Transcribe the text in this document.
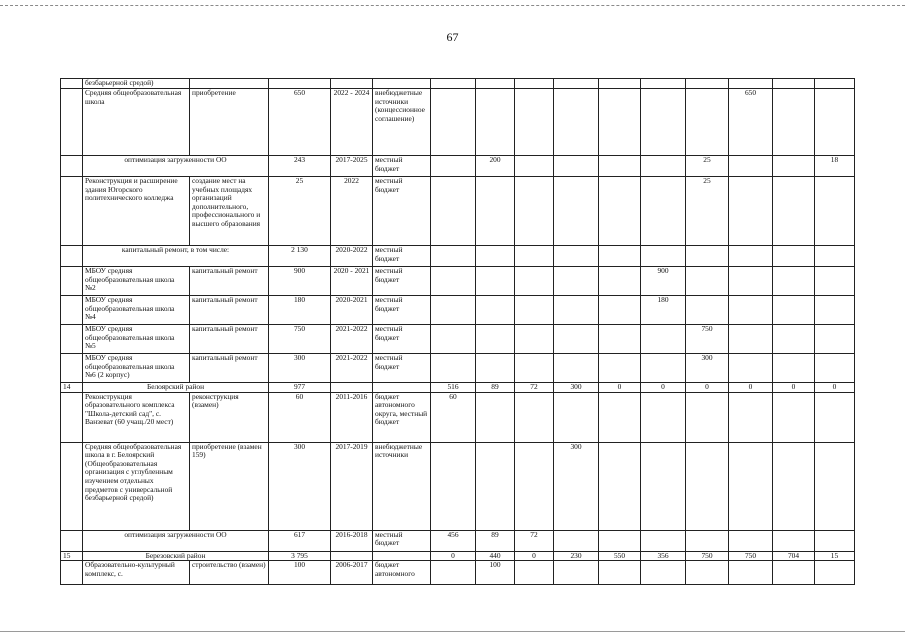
67
	безбарьерной средой)														
	Средняя общеобразовательная школа	приобретение	650	2022 - 2024	внебюджетные источники (концессионное соглашение)								650		
	оптимизация загруженности ОО		243	2017-2025	местный бюджет		200					25			18
	Реконструкция и расширение здания Югорского политехнического колледжа	создание мест на учебных площадях организаций дополнительного, профессионального и высшего образования	25	2022	местный бюджет							25			
	капитальный ремонт, в том числе:		2 130	2020-2022	местный бюджет										
	МБОУ средняя общеобразовательная школа №2	капитальный ремонт	900	2020 - 2021	местный бюджет						900				
	МБОУ средняя общеобразовательная школа №4	капитальный ремонт	180	2020-2021	местный бюджет						180				
	МБОУ средняя общеобразовательная школа №5	капитальный ремонт	750	2021-2022	местный бюджет							750			
	МБОУ средняя общеобразовательная школа №6 (2 корпус)	капитальный ремонт	300	2021-2022	местный бюджет							300			
14	Белоярский район		977			516	89	72	300	0	0	0	0	0	0
	Реконструкция образовательного комплекса "Школа-детский сад", с. Ванзеват (60 учащ./20 мест)	реконструкция (взамен)	60	2011-2016	бюджет автономного округа, местный бюджет	60									
	Средняя общеобразовательная школа в г. Белоярский (Общеобразовательная организация с углубленным изучением отдельных предметов с универсальной безбарьерной средой)	приобретение (взамен 159)	300	2017-2019	внебюджетные источники				300						
	оптимизация загруженности ОО		617	2016-2018	местный бюджет	456	89	72							
15	Березовский район		3 795			0	440	0	230	550	356	750	750	704	15
	Образовательно-культурный комплекс, с.	строительство (взамен)	100	2006-2017	бюджет автономного		100								
